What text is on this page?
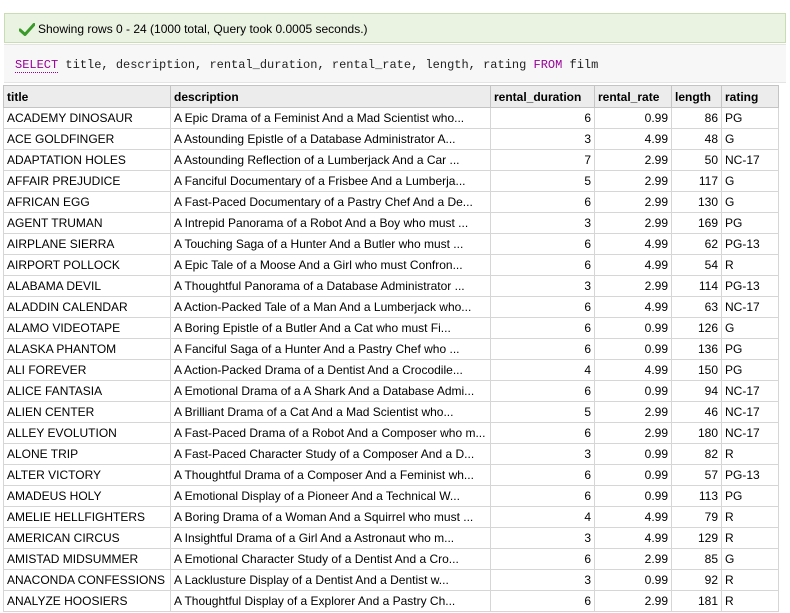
Showing rows 0 - 24 (1000 total, Query took 0.0005 seconds.)
SELECT title, description, rental_duration, rental_rate, length, rating FROM film
title	description	rental_duration	rental_rate	length	rating
ACADEMY DINOSAUR	A Epic Drama of a Feminist And a Mad Scientist who...	6	0.99	86	PG
ACE GOLDFINGER	A Astounding Epistle of a Database Administrator A...	3	4.99	48	G
ADAPTATION HOLES	A Astounding Reflection of a Lumberjack And a Car ...	7	2.99	50	NC-17
AFFAIR PREJUDICE	A Fanciful Documentary of a Frisbee And a Lumberja...	5	2.99	117	G
AFRICAN EGG	A Fast-Paced Documentary of a Pastry Chef And a De...	6	2.99	130	G
AGENT TRUMAN	A Intrepid Panorama of a Robot And a Boy who must ...	3	2.99	169	PG
AIRPLANE SIERRA	A Touching Saga of a Hunter And a Butler who must ...	6	4.99	62	PG-13
AIRPORT POLLOCK	A Epic Tale of a Moose And a Girl who must Confron...	6	4.99	54	R
ALABAMA DEVIL	A Thoughtful Panorama of a Database Administrator ...	3	2.99	114	PG-13
ALADDIN CALENDAR	A Action-Packed Tale of a Man And a Lumberjack who...	6	4.99	63	NC-17
ALAMO VIDEOTAPE	A Boring Epistle of a Butler And a Cat who must Fi...	6	0.99	126	G
ALASKA PHANTOM	A Fanciful Saga of a Hunter And a Pastry Chef who ...	6	0.99	136	PG
ALI FOREVER	A Action-Packed Drama of a Dentist And a Crocodile...	4	4.99	150	PG
ALICE FANTASIA	A Emotional Drama of a A Shark And a Database Admi...	6	0.99	94	NC-17
ALIEN CENTER	A Brilliant Drama of a Cat And a Mad Scientist who...	5	2.99	46	NC-17
ALLEY EVOLUTION	A Fast-Paced Drama of a Robot And a Composer who m...	6	2.99	180	NC-17
ALONE TRIP	A Fast-Paced Character Study of a Composer And a D...	3	0.99	82	R
ALTER VICTORY	A Thoughtful Drama of a Composer And a Feminist wh...	6	0.99	57	PG-13
AMADEUS HOLY	A Emotional Display of a Pioneer And a Technical W...	6	0.99	113	PG
AMELIE HELLFIGHTERS	A Boring Drama of a Woman And a Squirrel who must ...	4	4.99	79	R
AMERICAN CIRCUS	A Insightful Drama of a Girl And a Astronaut who m...	3	4.99	129	R
AMISTAD MIDSUMMER	A Emotional Character Study of a Dentist And a Cro...	6	2.99	85	G
ANACONDA CONFESSIONS	A Lacklusture Display of a Dentist And a Dentist w...	3	0.99	92	R
ANALYZE HOOSIERS	A Thoughtful Display of a Explorer And a Pastry Ch...	6	2.99	181	R
